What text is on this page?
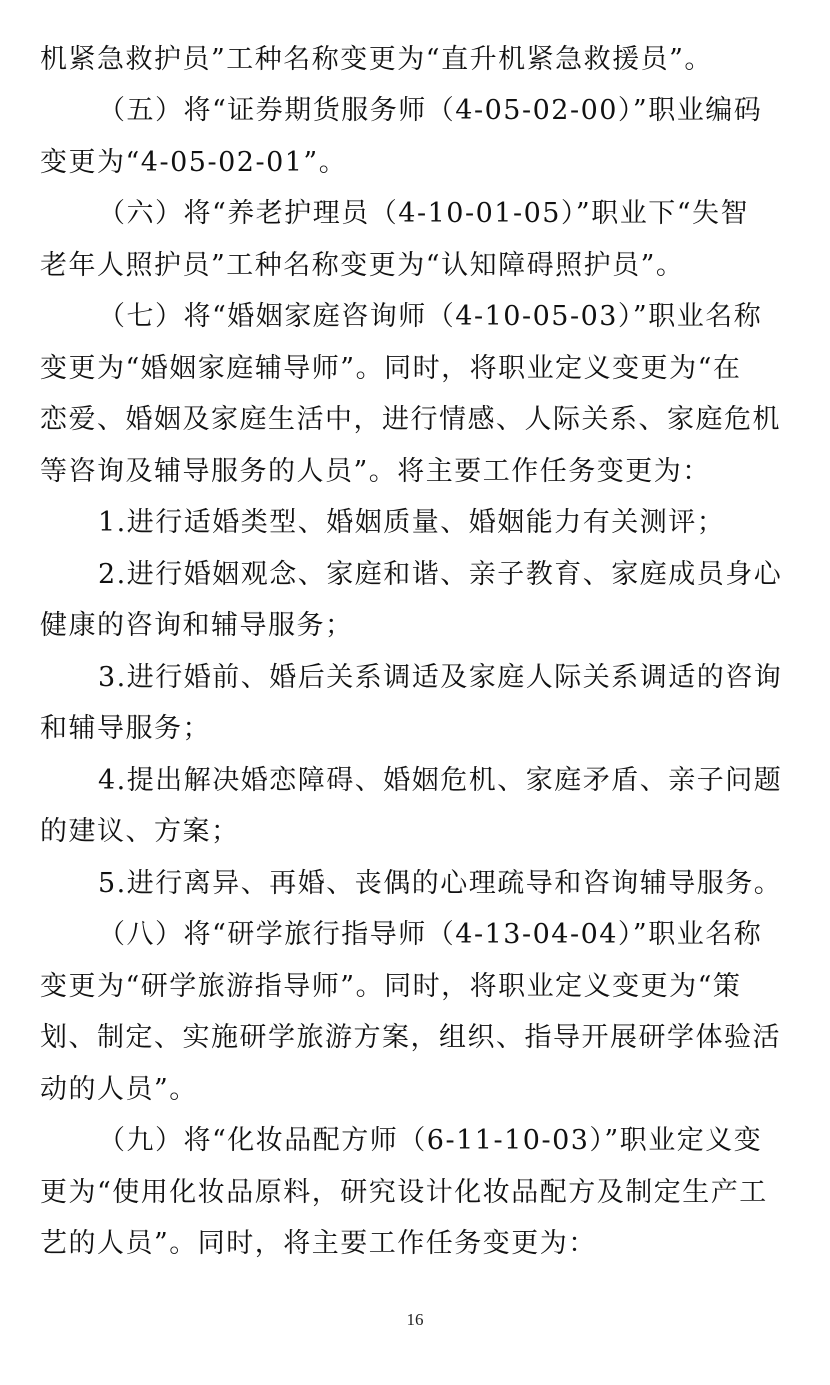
机紧急救护员”工种名称变更为“直升机紧急救援员”。
（五）将“证券期货服务师（4-05-02-00）”职业编码
变更为“4-05-02-01”。
（六）将“养老护理员（4-10-01-05）”职业下“失智
老年人照护员”工种名称变更为“认知障碍照护员”。
（七）将“婚姻家庭咨询师（4-10-05-03）”职业名称
变更为“婚姻家庭辅导师”。同时，将职业定义变更为“在
恋爱、婚姻及家庭生活中，进行情感、人际关系、家庭危机
等咨询及辅导服务的人员”。将主要工作任务变更为：
1.进行适婚类型、婚姻质量、婚姻能力有关测评；
2.进行婚姻观念、家庭和谐、亲子教育、家庭成员身心
健康的咨询和辅导服务；
3.进行婚前、婚后关系调适及家庭人际关系调适的咨询
和辅导服务；
4.提出解决婚恋障碍、婚姻危机、家庭矛盾、亲子问题
的建议、方案；
5.进行离异、再婚、丧偶的心理疏导和咨询辅导服务。
（八）将“研学旅行指导师（4-13-04-04）”职业名称
变更为“研学旅游指导师”。同时，将职业定义变更为“策
划、制定、实施研学旅游方案，组织、指导开展研学体验活
动的人员”。
（九）将“化妆品配方师（6-11-10-03）”职业定义变
更为“使用化妆品原料，研究设计化妆品配方及制定生产工
艺的人员”。同时，将主要工作任务变更为：
16
